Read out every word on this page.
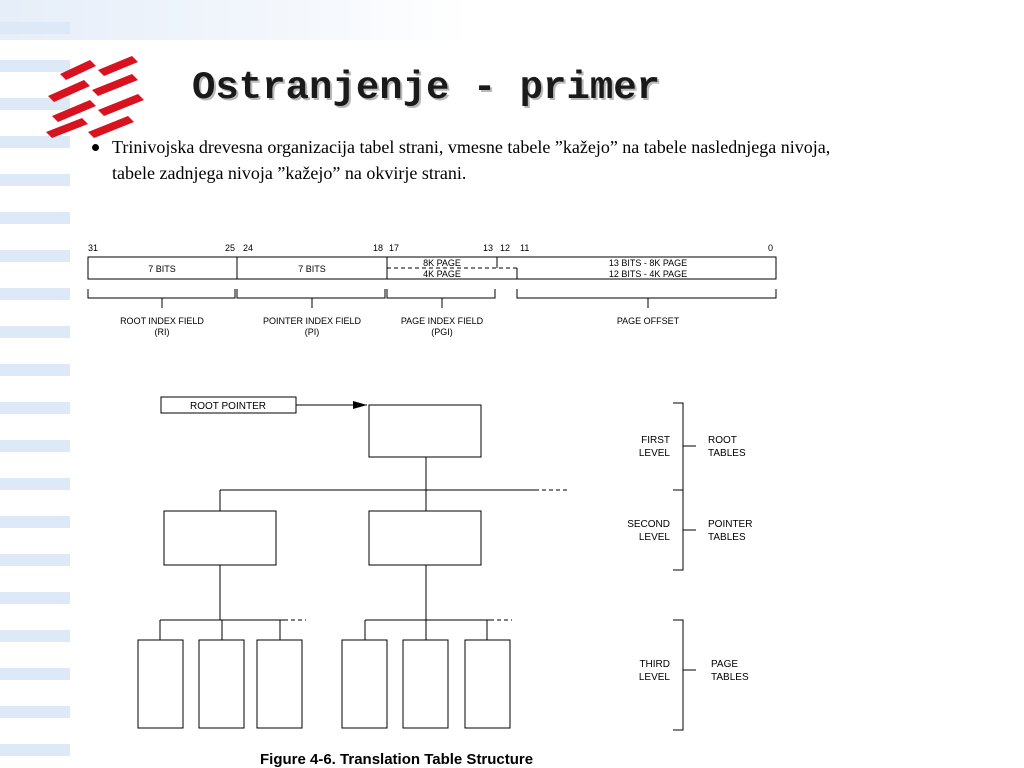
Ostranjenje - primer

Trinivojska drevesna organizacija tabel strani, vmesne tabele ”kažejo” na tabele naslednjega nivoja, tabele zadnjega nivoja ”kažejo” na okvirje strani.

31	25 24	18 17	13 12 11	0
7 BITS	7 BITS
8K PAGE
4K PAGE
13 BITS - 8K PAGE
12 BITS - 4K PAGE
ROOT INDEX FIELD
(RI)
POINTER INDEX FIELD
(PI)
PAGE INDEX FIELD
(PGI)
PAGE OFFSET
ROOT POINTER
FIRST
LEVEL
ROOT
TABLES
SECOND
LEVEL
POINTER
TABLES
THIRD
LEVEL
PAGE
TABLES

Figure 4-6. Translation Table Structure
